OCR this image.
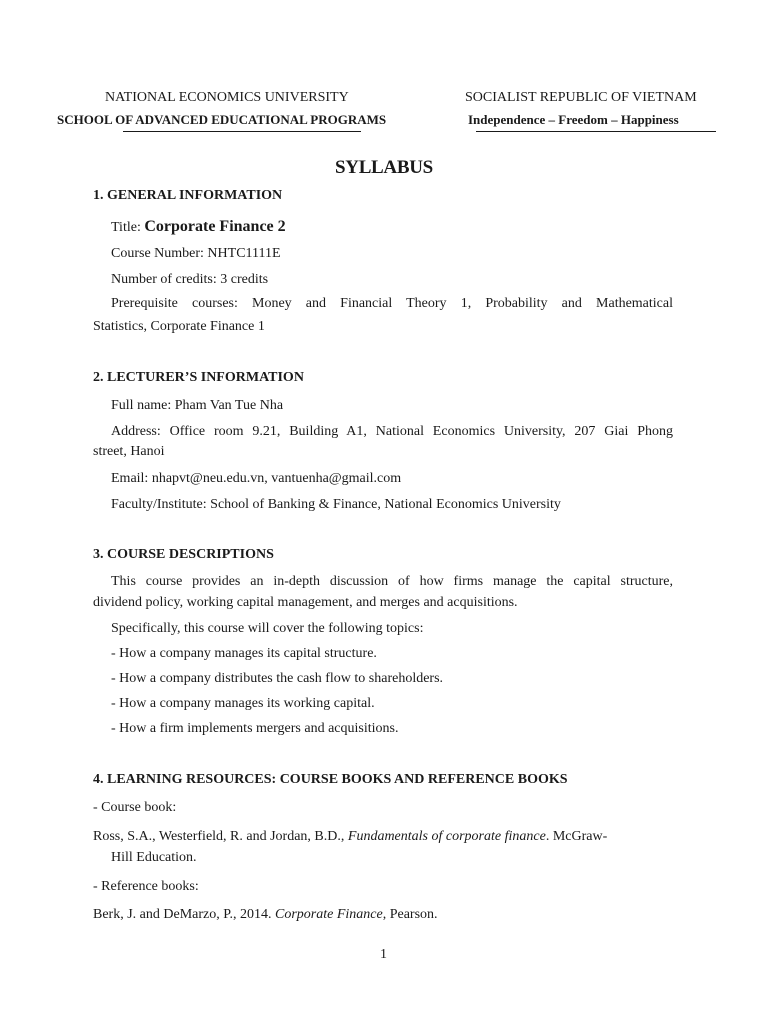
NATIONAL ECONOMICS UNIVERSITY
SCHOOL OF ADVANCED EDUCATIONAL PROGRAMS
SOCIALIST REPUBLIC OF VIETNAM
Independence – Freedom – Happiness
SYLLABUS
1. GENERAL INFORMATION
Title: Corporate Finance 2
Course Number: NHTC1111E
Number of credits: 3 credits
Prerequisite courses: Money and Financial Theory 1, Probability and Mathematical
Statistics, Corporate Finance 1
2. LECTURER’S INFORMATION
Full name: Pham Van Tue Nha
Address: Office room 9.21, Building A1, National Economics University, 207 Giai Phong
street, Hanoi
Email: nhapvt@neu.edu.vn, vantuenha@gmail.com
Faculty/Institute: School of Banking & Finance, National Economics University
3. COURSE DESCRIPTIONS
This course provides an in-depth discussion of how firms manage the capital structure,
dividend policy, working capital management, and merges and acquisitions.
Specifically, this course will cover the following topics:
- How a company manages its capital structure.
- How a company distributes the cash flow to shareholders.
- How a company manages its working capital.
- How a firm implements mergers and acquisitions.
4. LEARNING RESOURCES: COURSE BOOKS AND REFERENCE BOOKS
- Course book:
Ross, S.A., Westerfield, R. and Jordan, B.D., Fundamentals of corporate finance. McGraw-
Hill Education.
- Reference books:
Berk, J. and DeMarzo, P., 2014. Corporate Finance, Pearson.
1
